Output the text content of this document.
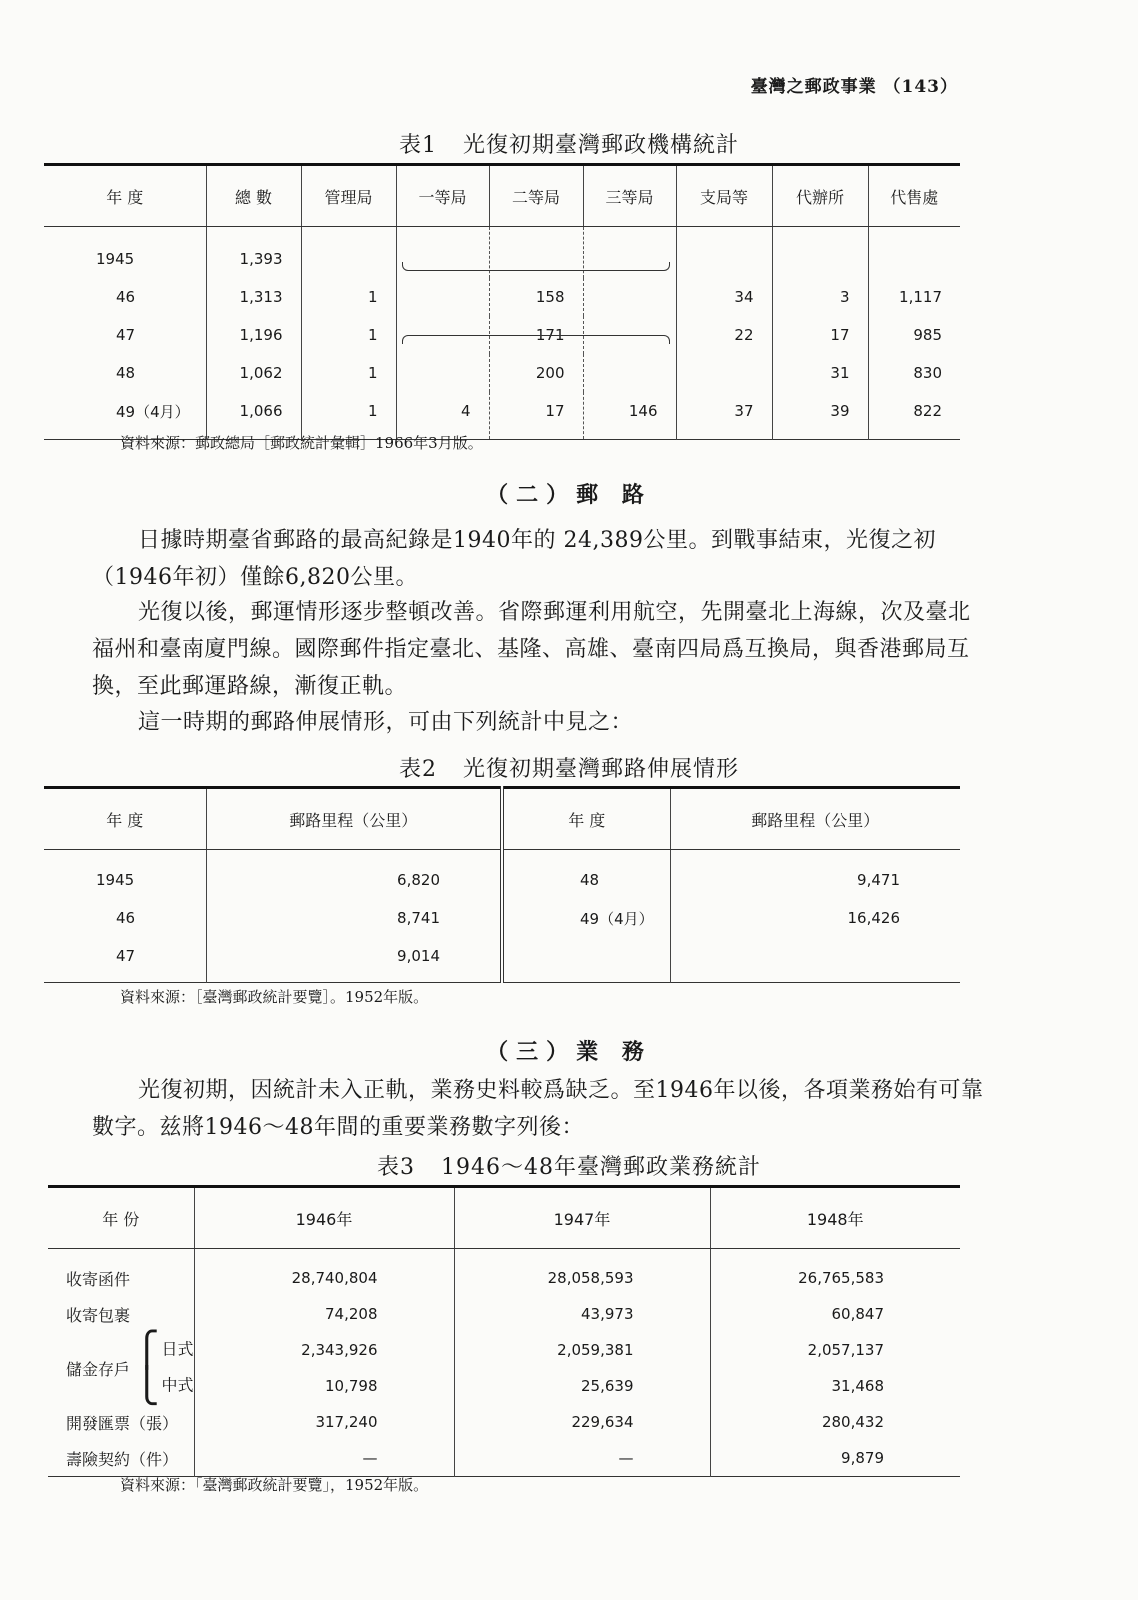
臺灣之郵政事業 （143）
表1 光復初期臺灣郵政機構統計
年 度	總 數	管理局	一等局	二等局	三等局	支局等	代辦所	代售處
1945	1,393							
46	1,313	1		158		34	3	1,117
47	1,196	1		171		22	17	985
48	1,062	1		200			31	830
49（4月）	1,066	1	4	17	146	37	39	822
資料來源：郵政總局［郵政統計彙輯］1966年3月版。
（二）郵 路

日據時期臺省郵路的最高紀錄是1940年的 24,389公里。到戰事結束，光復之初（1946年初）僅餘6,820公里。

光復以後，郵運情形逐步整頓改善。省際郵運利用航空，先開臺北上海線，次及臺北福州和臺南廈門線。國際郵件指定臺北、基隆、高雄、臺南四局爲互換局，與香港郵局互換，至此郵運路線，漸復正軌。

這一時期的郵路伸展情形，可由下列統計中見之：

表2 光復初期臺灣郵路伸展情形
年 度	郵路里程（公里）	年 度	郵路里程（公里）
1945	6,820	48	9,471
46	8,741	49（4月）	16,426
47	9,014		
資料來源：［臺灣郵政統計要覽］。1952年版。
（三）業 務

光復初期，因統計未入正軌，業務史料較爲缺乏。至1946年以後，各項業務始有可靠數字。兹將1946～48年間的重要業務數字列後：

表3 1946～48年臺灣郵政業務統計
年 份		1946年	1947年	1948年
收寄函件		28,740,804	28,058,593	26,765,583
收寄包裹		74,208	43,973	60,847
儲金存戶	⎧ 日式	2,343,926	2,059,381	2,057,137
	⎩ 中式	10,798	25,639	31,468
開發匯票（張）		317,240	229,634	280,432
壽險契約（件）		—	—	9,879
資料來源：「臺灣郵政統計要覽」，1952年版。
